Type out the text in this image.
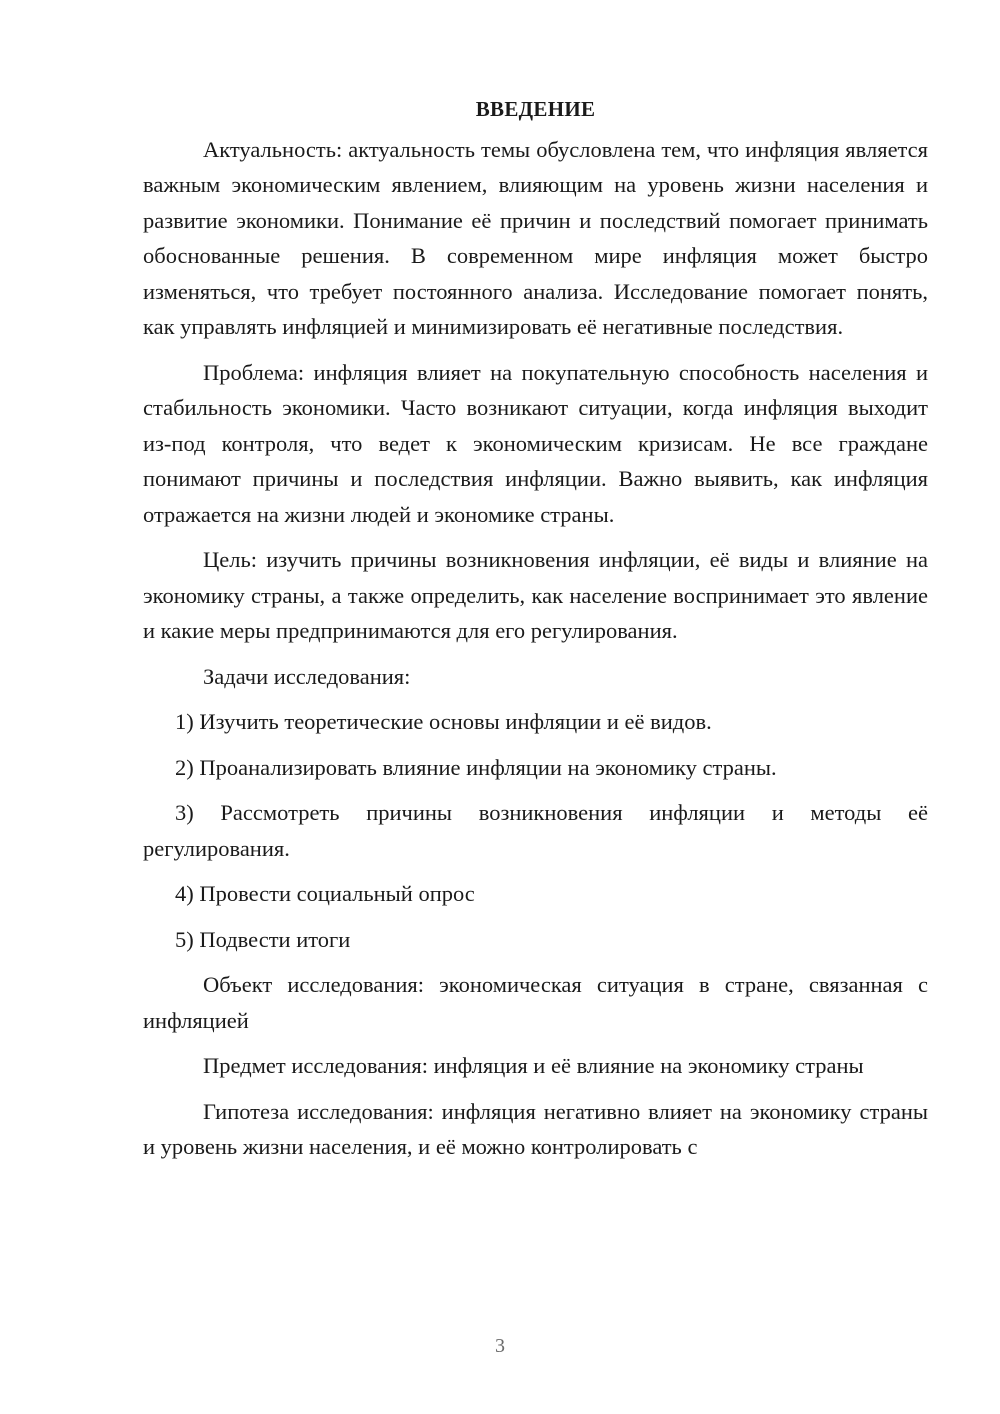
ВВЕДЕНИЕ

Актуальность: актуальность темы обусловлена тем, что инфляция является важным экономическим явлением, влияющим на уровень жизни населения и развитие экономики. Понимание её причин и последствий помогает принимать обоснованные решения. В современном мире инфляция может быстро изменяться, что требует постоянного анализа. Исследование помогает понять, как управлять инфляцией и минимизировать её негативные последствия.

Проблема: инфляция влияет на покупательную способность населения и стабильность экономики. Часто возникают ситуации, когда инфляция выходит из-под контроля, что ведет к экономическим кризисам. Не все граждане понимают причины и последствия инфляции. Важно выявить, как инфляция отражается на жизни людей и экономике страны.

Цель: изучить причины возникновения инфляции, её виды и влияние на экономику страны, а также определить, как население воспринимает это явление и какие меры предпринимаются для его регулирования.

Задачи исследования:

1) Изучить теоретические основы инфляции и её видов.

2) Проанализировать влияние инфляции на экономику страны.

3) Рассмотреть причины возникновения инфляции и методы её регулирования.

4) Провести социальный опрос

5) Подвести итоги

Объект исследования: экономическая ситуация в стране, связанная с инфляцией

Предмет исследования: инфляция и её влияние на экономику страны

Гипотеза исследования: инфляция негативно влияет на экономику страны и уровень жизни населения, и её можно контролировать с

3
